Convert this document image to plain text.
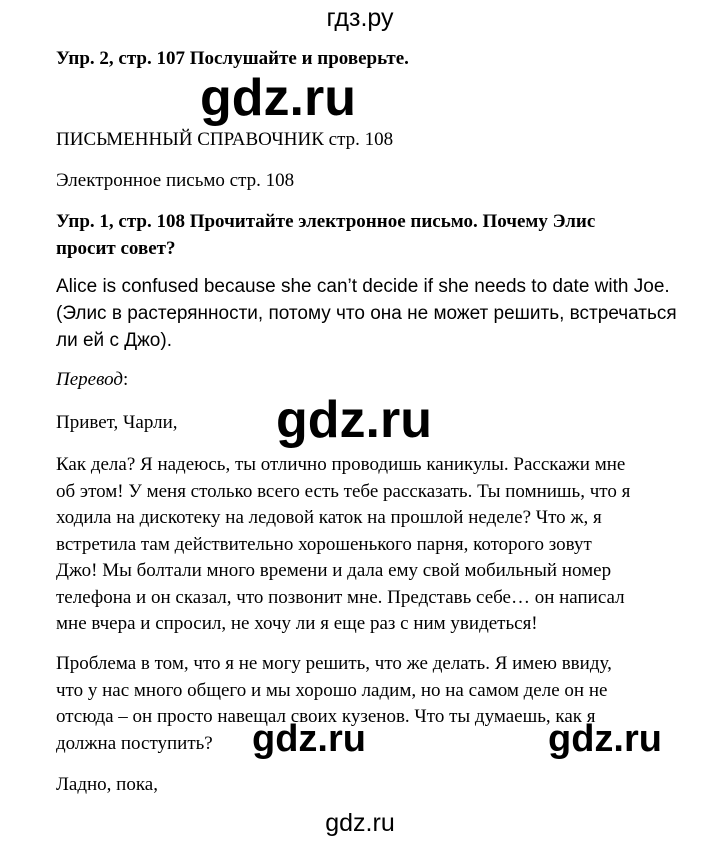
гдз.ру
Упр. 2, стр. 107 Послушайте и проверьте.
gdz.ru
ПИСЬМЕННЫЙ СПРАВОЧНИК стр. 108
Электронное письмо стр. 108
Упр. 1, стр. 108 Прочитайте электронное письмо. Почему Элис
просит совет?
Alice is confused because she can’t decide if she needs to date with Joe.
(Элис в растерянности, потому что она не может решить, встречаться
ли ей с Джо).
Перевод:
Привет, Чарли, gdz.ru
Как дела? Я надеюсь, ты отлично проводишь каникулы. Расскажи мне
об этом! У меня столько всего есть тебе рассказать. Ты помнишь, что я
ходила на дискотеку на ледовой каток на прошлой неделе? Что ж, я
встретила там действительно хорошенького парня, которого зовут
Джо! Мы болтали много времени и дала ему свой мобильный номер
телефона и он сказал, что позвонит мне. Представь себе… он написал
мне вчера и спросил, не хочу ли я еще раз с ним увидеться!
Проблема в том, что я не могу решить, что же делать. Я имею ввиду,
что у нас много общего и мы хорошо ладим, но на самом деле он не
отсюда – он просто навещал своих кузенов. Что ты думаешь, как я
должна поступить?	gdz.ru	gdz.ru
Ладно, пока,
gdz.ru
